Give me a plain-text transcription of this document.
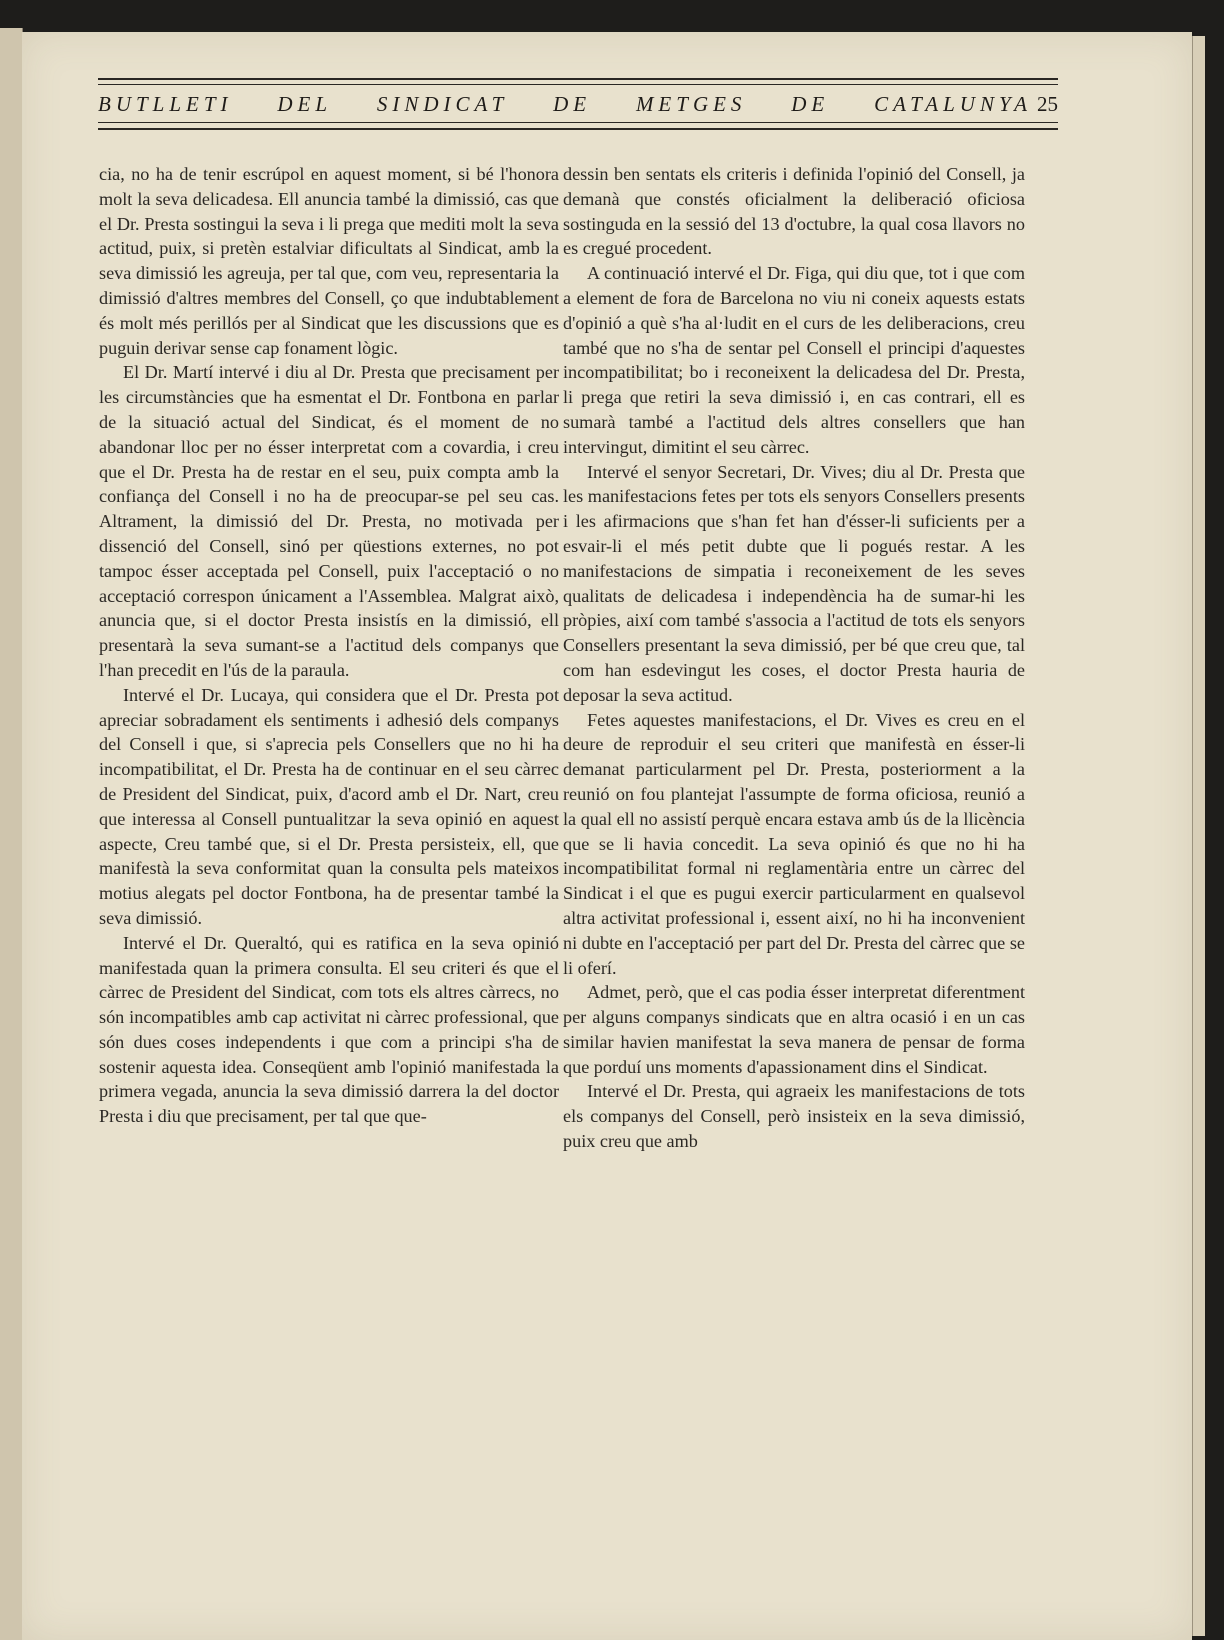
BUTLLETI DEL SINDICAT DE METGES DE CATALUNYA 25

cia, no ha de tenir escrúpol en aquest moment, si bé l'honora molt la seva delicadesa. Ell anuncia també la dimissió, cas que el Dr. Presta sostingui la seva i li prega que mediti molt la seva actitud, puix, si pretèn estalviar dificultats al Sindicat, amb la seva dimissió les agreuja, per tal que, com veu, representaria la dimissió d'altres membres del Consell, ço que indubtablement és molt més perillós per al Sindicat que les discussions que es puguin derivar sense cap fonament lògic.

El Dr. Martí intervé i diu al Dr. Presta que precisament per les circumstàncies que ha esmentat el Dr. Fontbona en parlar de la situació actual del Sindicat, és el moment de no abandonar lloc per no ésser interpretat com a covardia, i creu que el Dr. Presta ha de restar en el seu, puix compta amb la confiança del Consell i no ha de preocupar-se pel seu cas. Altrament, la dimissió del Dr. Presta, no motivada per dissenció del Consell, sinó per qüestions externes, no pot tampoc ésser acceptada pel Consell, puix l'acceptació o no acceptació correspon únicament a l'Assemblea. Malgrat això, anuncia que, si el doctor Presta insistís en la dimissió, ell presentarà la seva sumant-se a l'actitud dels companys que l'han precedit en l'ús de la paraula.

Intervé el Dr. Lucaya, qui considera que el Dr. Presta pot apreciar sobradament els sentiments i adhesió dels companys del Consell i que, si s'aprecia pels Consellers que no hi ha incompatibilitat, el Dr. Presta ha de continuar en el seu càrrec de President del Sindicat, puix, d'acord amb el Dr. Nart, creu que interessa al Consell puntualitzar la seva opinió en aquest aspecte, Creu també que, si el Dr. Presta persisteix, ell, que manifestà la seva conformitat quan la consulta pels mateixos motius alegats pel doctor Fontbona, ha de presentar també la seva dimissió.

Intervé el Dr. Queraltó, qui es ratifica en la seva opinió manifestada quan la primera consulta. El seu criteri és que el càrrec de President del Sindicat, com tots els altres càrrecs, no són incompatibles amb cap activitat ni càrrec professional, que són dues coses independents i que com a principi s'ha de sostenir aquesta idea. Conseqüent amb l'opinió manifestada la primera vegada, anuncia la seva dimissió darrera la del doctor Presta i diu que precisament, per tal que que-

dessin ben sentats els criteris i definida l'opinió del Consell, ja demanà que constés oficialment la deliberació oficiosa sostinguda en la sessió del 13 d'octubre, la qual cosa llavors no es cregué procedent.

A continuació intervé el Dr. Figa, qui diu que, tot i que com a element de fora de Barcelona no viu ni coneix aquests estats d'opinió a què s'ha al·ludit en el curs de les deliberacions, creu també que no s'ha de sentar pel Consell el principi d'aquestes incompatibilitat; bo i reconeixent la delicadesa del Dr. Presta, li prega que retiri la seva dimissió i, en cas contrari, ell es sumarà també a l'actitud dels altres consellers que han intervingut, dimitint el seu càrrec.

Intervé el senyor Secretari, Dr. Vives; diu al Dr. Presta que les manifestacions fetes per tots els senyors Consellers presents i les afirmacions que s'han fet han d'ésser-li suficients per a esvair-li el més petit dubte que li pogués restar. A les manifestacions de simpatia i reconeixement de les seves qualitats de delicadesa i independència ha de sumar-hi les pròpies, així com també s'associa a l'actitud de tots els senyors Consellers presentant la seva dimissió, per bé que creu que, tal com han esdevingut les coses, el doctor Presta hauria de deposar la seva actitud.

Fetes aquestes manifestacions, el Dr. Vives es creu en el deure de reproduir el seu criteri que manifestà en ésser-li demanat particularment pel Dr. Presta, posteriorment a la reunió on fou plantejat l'assumpte de forma oficiosa, reunió a la qual ell no assistí perquè encara estava amb ús de la llicència que se li havia concedit. La seva opinió és que no hi ha incompatibilitat formal ni reglamentària entre un càrrec del Sindicat i el que es pugui exercir particularment en qualsevol altra activitat professional i, essent així, no hi ha inconvenient ni dubte en l'acceptació per part del Dr. Presta del càrrec que se li oferí.

Admet, però, que el cas podia ésser interpretat diferentment per alguns companys sindicats que en altra ocasió i en un cas similar havien manifestat la seva manera de pensar de forma que porduí uns moments d'apassionament dins el Sindicat.

Intervé el Dr. Presta, qui agraeix les manifestacions de tots els companys del Consell, però insisteix en la seva dimissió, puix creu que amb
